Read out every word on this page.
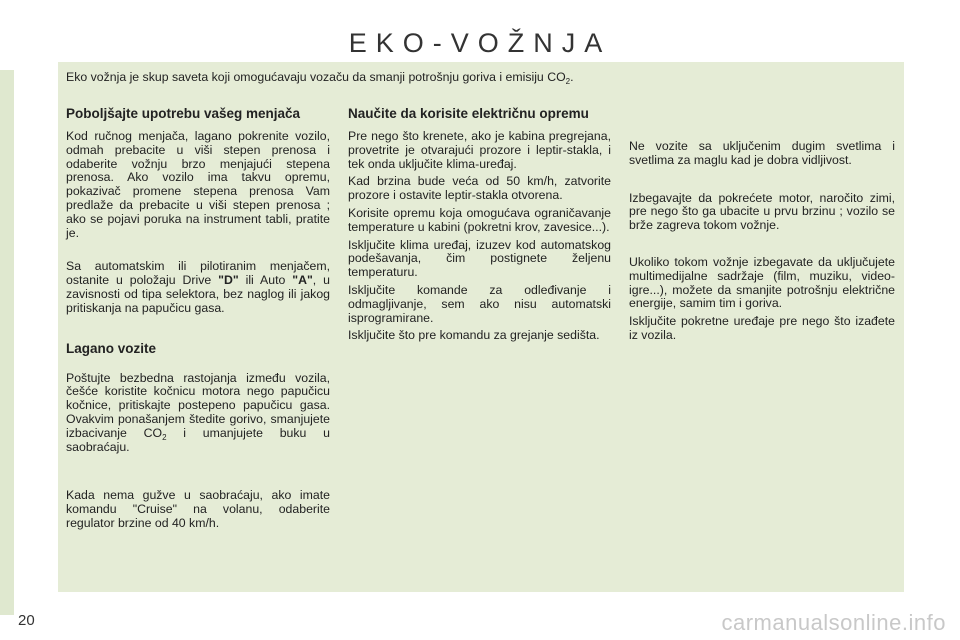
EKO-VOŽNJA

Eko vožnja je skup saveta koji omogućavaju vozaču da smanji potrošnju goriva i emisiju $CO_2$.

Poboljšajte upotrebu vašeg menjača

Kod ručnog menjača, lagano pokrenite vozilo, odmah prebacite u viši stepen prenosa i odaberite vožnju brzo menjajući stepena prenosa. Ako vozilo ima takvu opremu, pokazivač promene stepena prenosa Vam predlaže da prebacite u viši stepen prenosa ; ako se pojavi poruka na instrument tabli, pratite je.

Sa automatskim ili pilotiranim menjačem, ostanite u položaju Drive "D" ili Auto "A", u zavisnosti od tipa selektora, bez naglog ili jakog pritiskanja na papučicu gasa.

Lagano vozite

Poštujte bezbedna rastojanja između vozila, češće koristite kočnicu motora nego papučicu kočnice, pritiskajte postepeno papučicu gasa. Ovakvim ponašanjem štedite gorivo, smanjujete izbacivanje $CO_2$ i umanjujete buku u saobraćaju.

Kada nema gužve u saobraćaju, ako imate komandu "Cruise" na volanu, odaberite regulator brzine od 40 km/h.

Naučite da korisite električnu opremu

Pre nego što krenete, ako je kabina pregrejana, provetrite je otvarajući prozore i leptir-stakla, i tek onda uključite klima-uređaj.

Kad brzina bude veća od 50 km/h, zatvorite prozore i ostavite leptir-stakla otvorena.

Korisite opremu koja omogućava ograničavanje temperature u kabini (pokretni krov, zavesice...).

Isključite klima uređaj, izuzev kod automatskog podešavanja, čim postignete željenu temperaturu.

Isključite komande za odleđivanje i odmagljivanje, sem ako nisu automatski isprogramirane.

Isključite što pre komandu za grejanje sedišta.

Ne vozite sa uključenim dugim svetlima i svetlima za maglu kad je dobra vidljivost.

Izbegavajte da pokrećete motor, naročito zimi, pre nego što ga ubacite u prvu brzinu ; vozilo se brže zagreva tokom vožnje.

Ukoliko tokom vožnje izbegavate da uključujete multimedijalne sadržaje (film, muziku, video-igre...), možete da smanjite potrošnju električne energije, samim tim i goriva.

Isključite pokretne uređaje pre nego što izađete iz vozila.

20	carmanualsonline.info
